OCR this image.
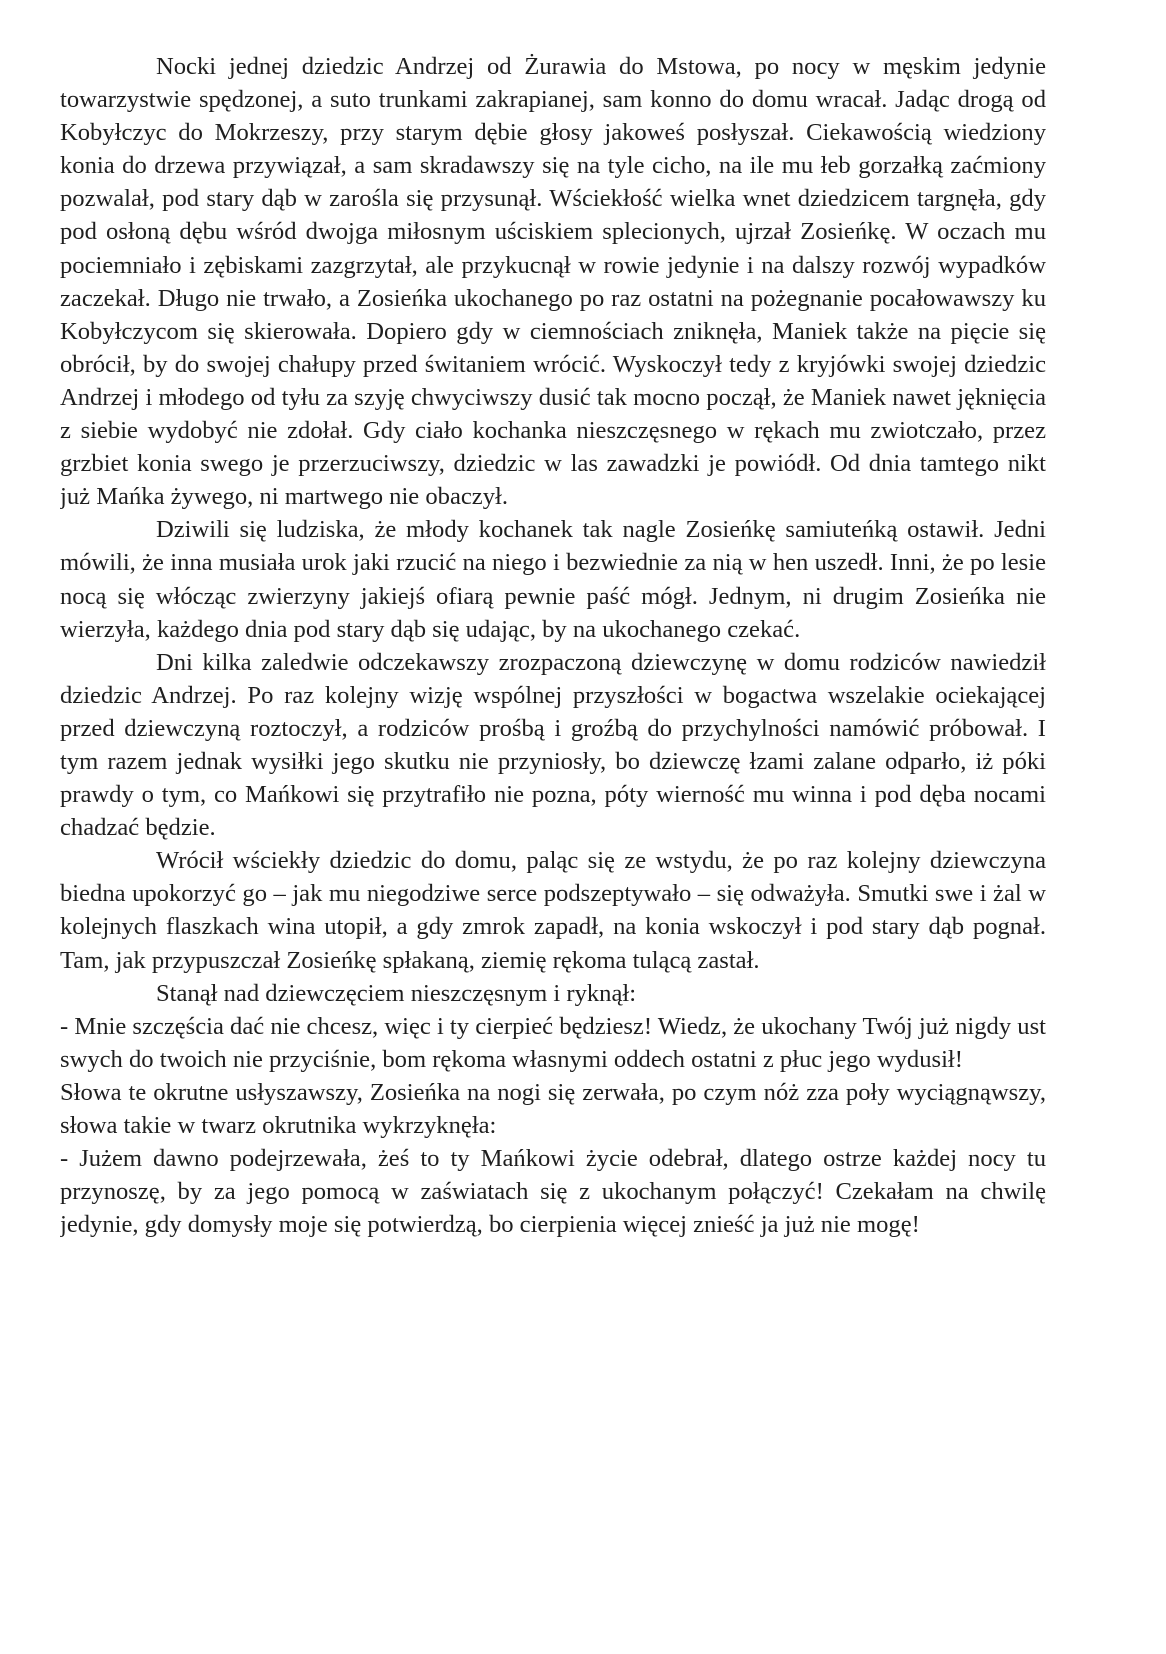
Nocki jednej dziedzic Andrzej od Żurawia do Mstowa, po nocy w męskim jedynie towarzystwie spędzonej, a suto trunkami zakrapianej, sam konno do domu wracał. Jadąc drogą od Kobyłczyc do Mokrzeszy, przy starym dębie głosy jakoweś posłyszał. Ciekawością wiedziony konia do drzewa przywiązał, a sam skradawszy się na tyle cicho, na ile mu łeb gorzałką zaćmiony pozwalał, pod stary dąb w zarośla się przysunął. Wściekłość wielka wnet dziedzicem targnęła, gdy pod osłoną dębu wśród dwojga miłosnym uściskiem splecionych, ujrzał Zosieńkę. W oczach mu pociemniało i zębiskami zazgrzytał, ale przykucnął w rowie jedynie i na dalszy rozwój wypadków zaczekał. Długo nie trwało, a Zosieńka ukochanego po raz ostatni na pożegnanie pocałowawszy ku Kobyłczycom się skierowała. Dopiero gdy w ciemnościach zniknęła, Maniek także na pięcie się obrócił, by do swojej chałupy przed świtaniem wrócić. Wyskoczył tedy z kryjówki swojej dziedzic Andrzej i młodego od tyłu za szyję chwyciwszy dusić tak mocno począł, że Maniek nawet jęknięcia z siebie wydobyć nie zdołał. Gdy ciało kochanka nieszczęsnego w rękach mu zwiotczało, przez grzbiet konia swego je przerzuciwszy, dziedzic w las zawadzki je powiódł. Od dnia tamtego nikt już Mańka żywego, ni martwego nie obaczył.

Dziwili się ludziska, że młody kochanek tak nagle Zosieńkę samiuteńką ostawił. Jedni mówili, że inna musiała urok jaki rzucić na niego i bezwiednie za nią w hen uszedł. Inni, że po lesie nocą się włócząc zwierzyny jakiejś ofiarą pewnie paść mógł. Jednym, ni drugim Zosieńka nie wierzyła, każdego dnia pod stary dąb się udając, by na ukochanego czekać.

Dni kilka zaledwie odczekawszy zrozpaczoną dziewczynę w domu rodziców nawiedził dziedzic Andrzej. Po raz kolejny wizję wspólnej przyszłości w bogactwa wszelakie ociekającej przed dziewczyną roztoczył, a rodziców prośbą i groźbą do przychylności namówić próbował. I tym razem jednak wysiłki jego skutku nie przyniosły, bo dziewczę łzami zalane odparło, iż póki prawdy o tym, co Mańkowi się przytrafiło nie pozna, póty wierność mu winna i pod dęba nocami chadzać będzie.

Wrócił wściekły dziedzic do domu, paląc się ze wstydu, że po raz kolejny dziewczyna biedna upokorzyć go – jak mu niegodziwe serce podszeptywało – się odważyła. Smutki swe i żal w kolejnych flaszkach wina utopił, a gdy zmrok zapadł, na konia wskoczył i pod stary dąb pognał. Tam, jak przypuszczał Zosieńkę spłakaną, ziemię rękoma tulącą zastał.

Stanął nad dziewczęciem nieszczęsnym i ryknął:

- Mnie szczęścia dać nie chcesz, więc i ty cierpieć będziesz! Wiedz, że ukochany Twój już nigdy ust swych do twoich nie przyciśnie, bom rękoma własnymi oddech ostatni z płuc jego wydusił!

Słowa te okrutne usłyszawszy, Zosieńka na nogi się zerwała, po czym nóż zza poły wyciągnąwszy, słowa takie w twarz okrutnika wykrzyknęła:

- Jużem dawno podejrzewała, żeś to ty Mańkowi życie odebrał, dlatego ostrze każdej nocy tu przynoszę, by za jego pomocą w zaświatach się z ukochanym połączyć! Czekałam na chwilę jedynie, gdy domysły moje się potwierdzą, bo cierpienia więcej znieść ja już nie mogę!
